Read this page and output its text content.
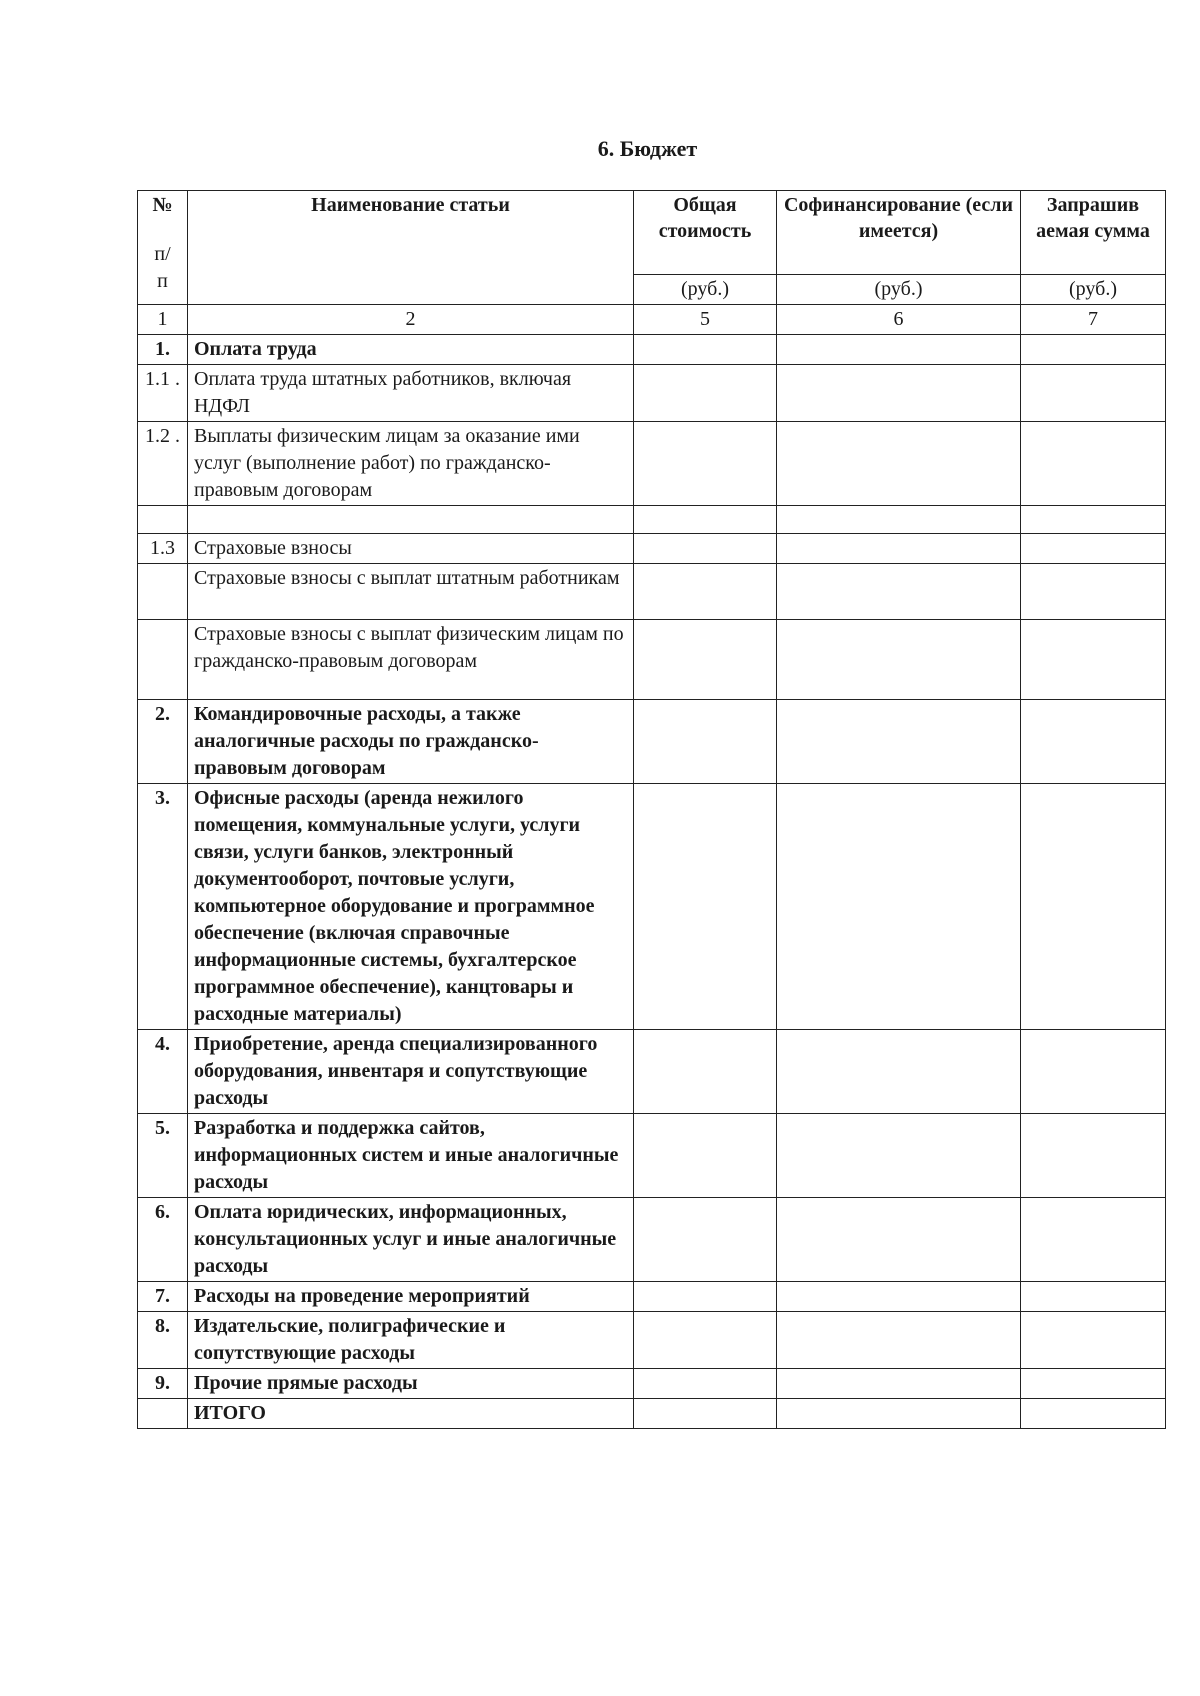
6. Бюджет
№
п/
п	Наименование статьи	Общая стоимость	Софинансирование (если имеется)	Запрашив аемая сумма
		(руб.)	(руб.)	(руб.)
1	2	5	6	7
1.	Оплата труда			
1.1 .	Оплата труда штатных работников, включая НДФЛ			
1.2 .	Выплаты физическим лицам за оказание ими услуг (выполнение работ) по гражданско-правовым договорам			

1.3	Страховые взносы			
	Страховые взносы с выплат штатным работникам			
	Страховые взносы с выплат физическим лицам по гражданско-правовым договорам			
2.	Командировочные расходы, а также аналогичные расходы по гражданско-правовым договорам			
3.	Офисные расходы (аренда нежилого помещения, коммунальные услуги, услуги связи, услуги банков, электронный документооборот, почтовые услуги, компьютерное оборудование и программное обеспечение (включая справочные информационные системы, бухгалтерское программное обеспечение), канцтовары и расходные материалы)			
4.	Приобретение, аренда специализированного оборудования, инвентаря и сопутствующие расходы			
5.	Разработка и поддержка сайтов, информационных систем и иные аналогичные расходы			
6.	Оплата юридических, информационных, консультационных услуг и иные аналогичные расходы			
7.	Расходы на проведение мероприятий			
8.	Издательские, полиграфические и сопутствующие расходы			
9.	Прочие прямые расходы			
	ИТОГО			
